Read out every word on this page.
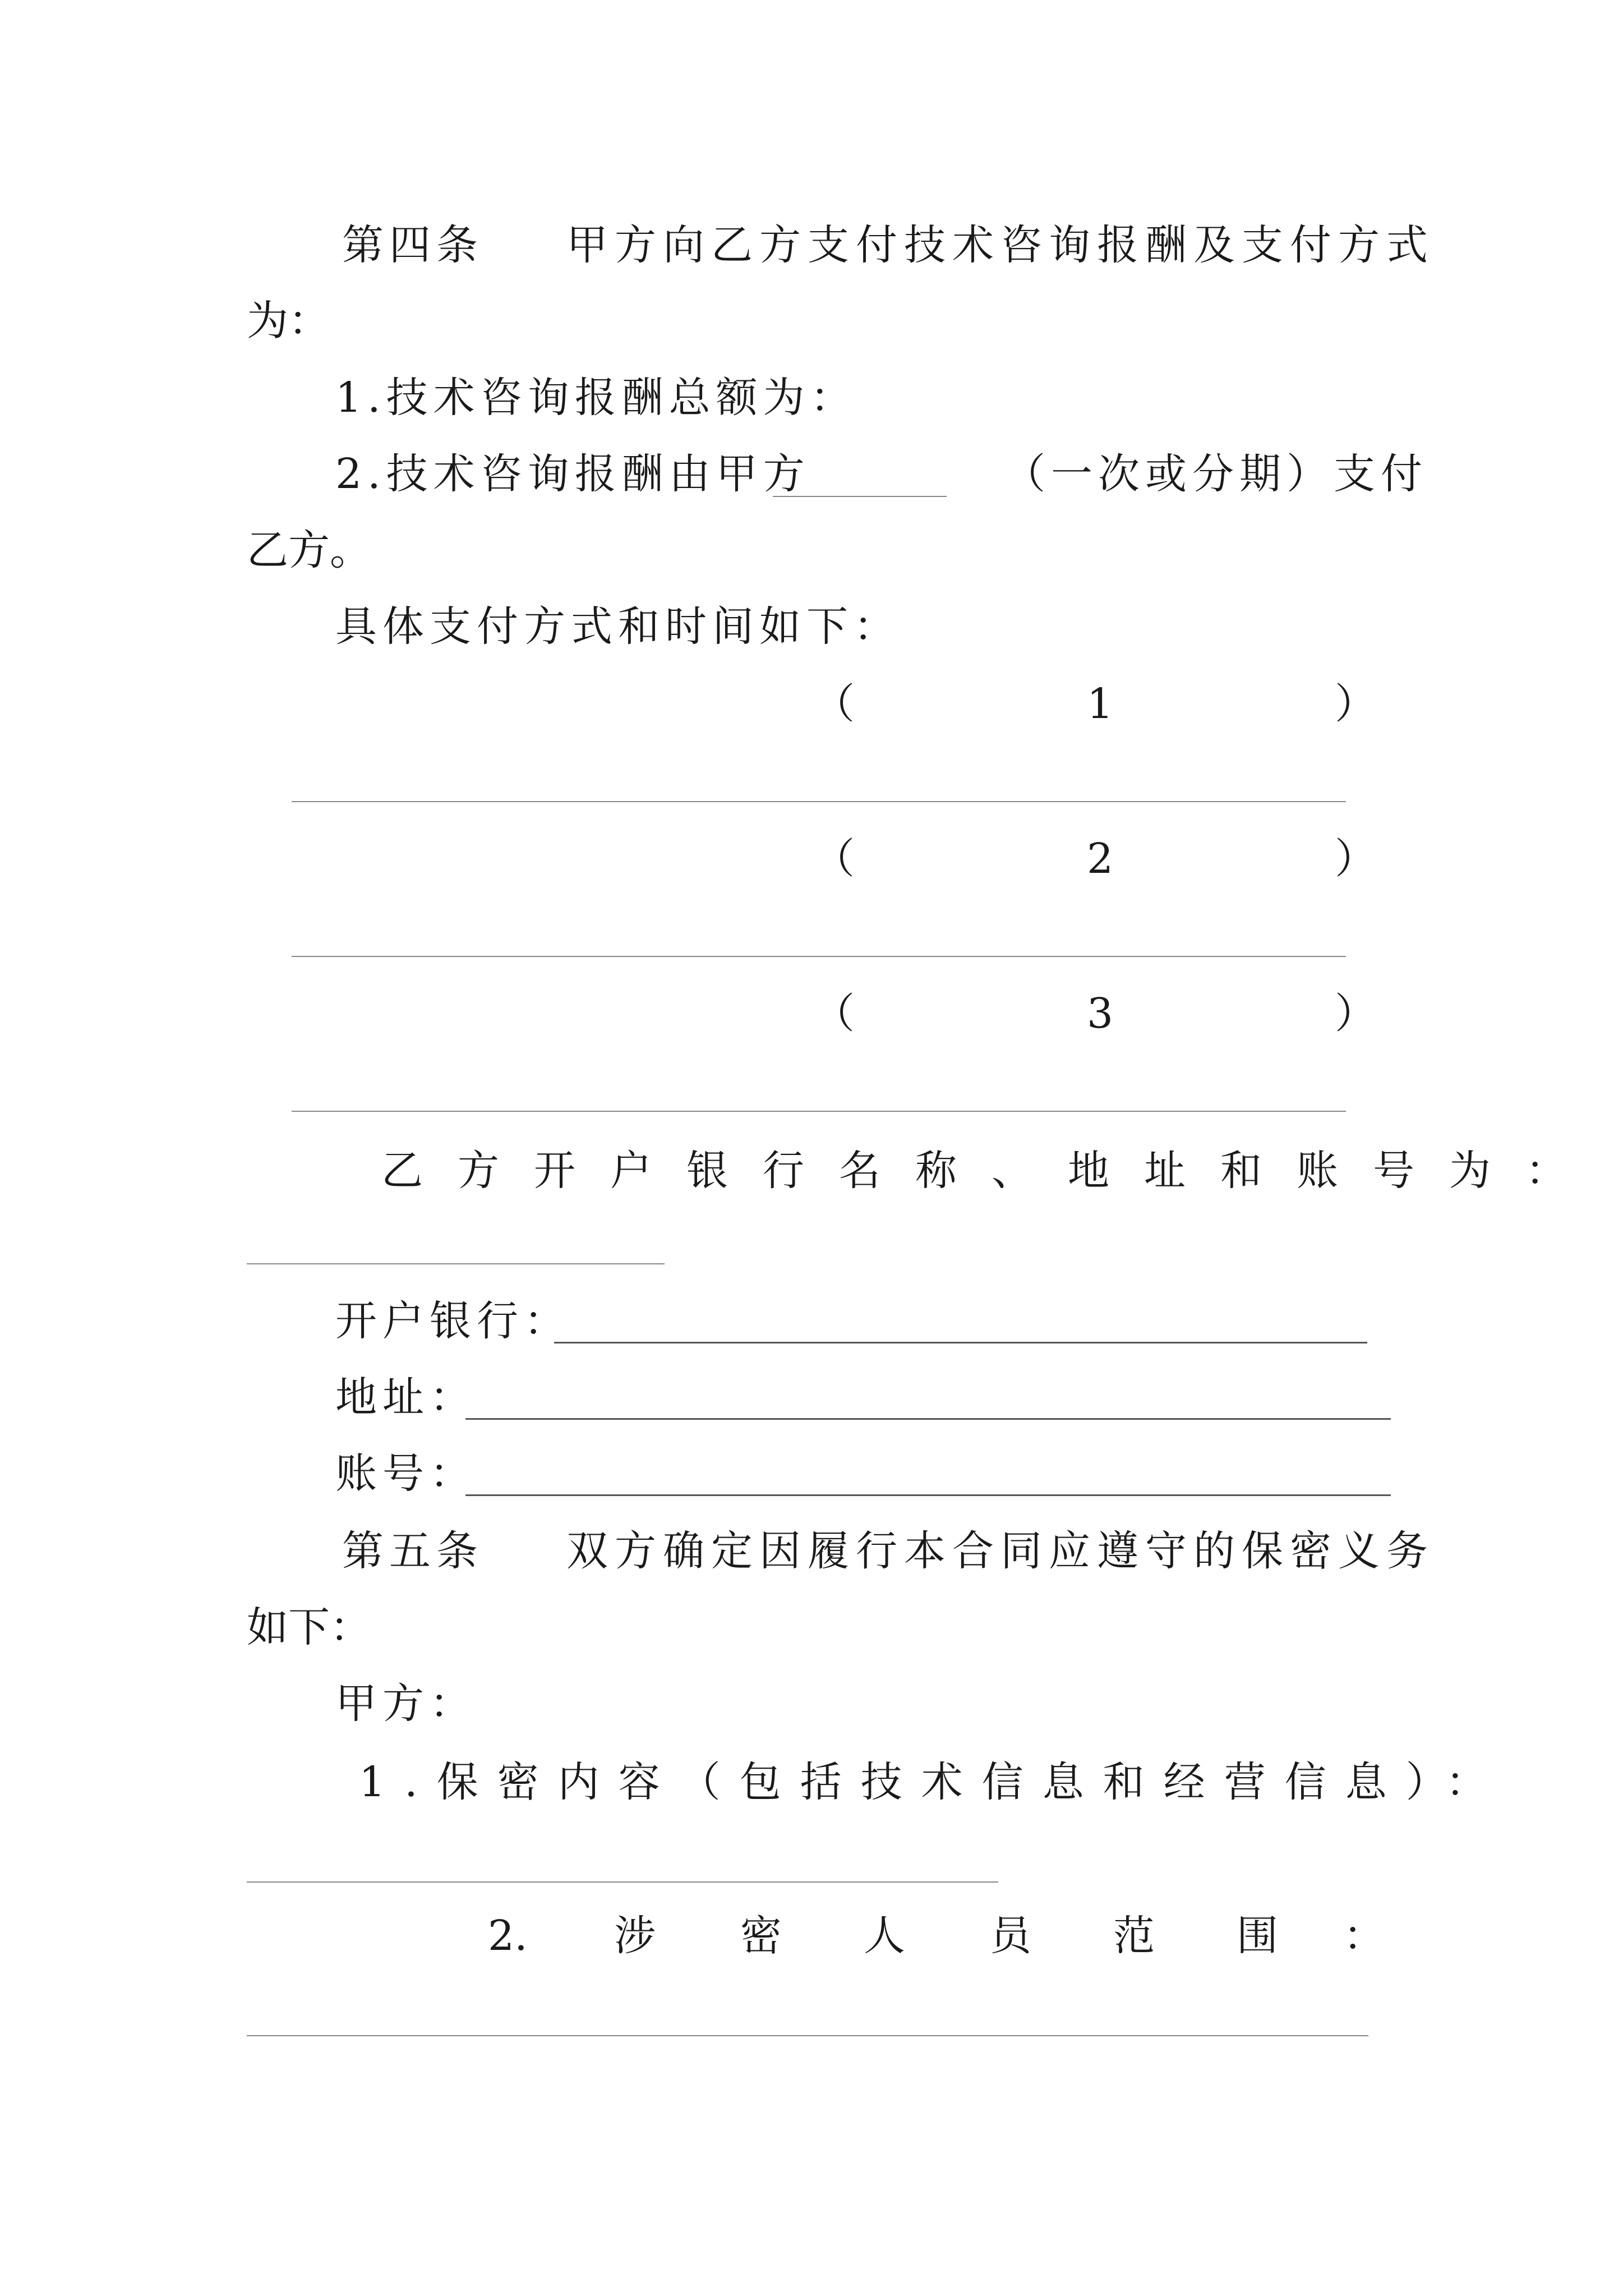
第四条 甲方向乙方支付技术咨询报酬及支付方式
为：
1.技术咨询报酬总额为：
2.技术咨询报酬由甲方	（一次或分期）支付
乙方。
具体支付方式和时间如下：
（	1	）
（	2	）
（	3	）
乙方开户银行名称、地址和账号为：
开户银行：
地址：
账号：
第五条 双方确定因履行本合同应遵守的保密义务
如下：
甲方：
1.保密内容（包括技术信息和经营信息）：
2. 涉 密 人 员 范 围 ：
